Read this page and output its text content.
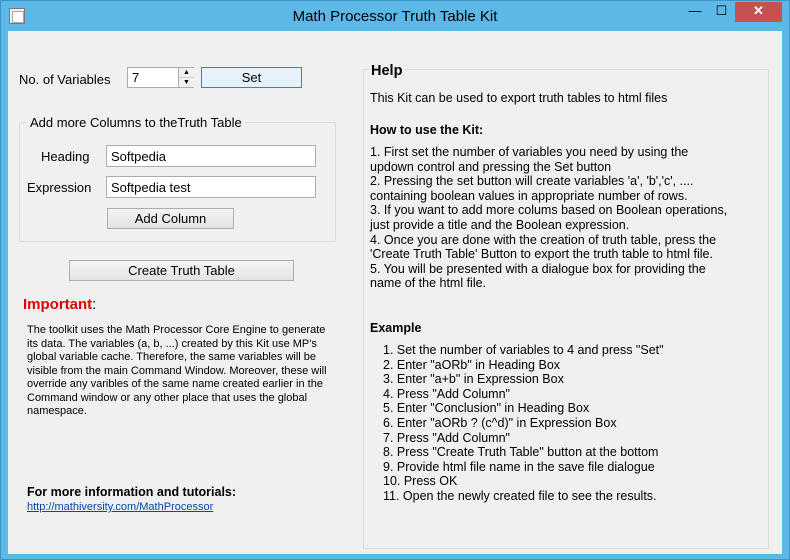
Math Processor Truth Table Kit	—	☐	✕
No. of Variables
7	▲
▼	Set
Add more Columns to theTruth Table
Heading
Softpedia
Expression
Softpedia test
Add Column
Create Truth Table
Important:
The toolkit uses the Math Processor Core Engine to generate its data. The variables (a, b, ...) created by this Kit use MP's global variable cache. Therefore, the same variables will be visible from the main Command Window. Moreover, these will override any varibles of the same name created earlier in the Command window or any other place that uses the global namespace.
For more information and tutorials:
http://mathiversity.com/MathProcessor
Help
This Kit can be used to export truth tables to html files
How to use the Kit:
1. First set the number of variables you need by using the
updown control and pressing the Set button
2. Pressing the set button will create variables 'a', 'b','c', ....
containing boolean values in appropriate number of rows.
3. If you want to add more colums based on Boolean operations,
just provide a title and the Boolean expression.
4. Once you are done with the creation of truth table, press the
'Create Truth Table' Button to export the truth table to html file.
5. You will be presented with a dialogue box for providing the
name of the html file.
Example
1. Set the number of variables to 4 and press "Set"
2. Enter "aORb" in Heading Box
3. Enter "a+b" in Expression Box
4. Press "Add Column"
5. Enter "Conclusion" in Heading Box
6. Enter "aORb ? (c^d)" in Expression Box
7. Press "Add Column"
8. Press "Create Truth Table" button at the bottom
9. Provide html file name in the save file dialogue
10. Press OK
11. Open the newly created file to see the results.
